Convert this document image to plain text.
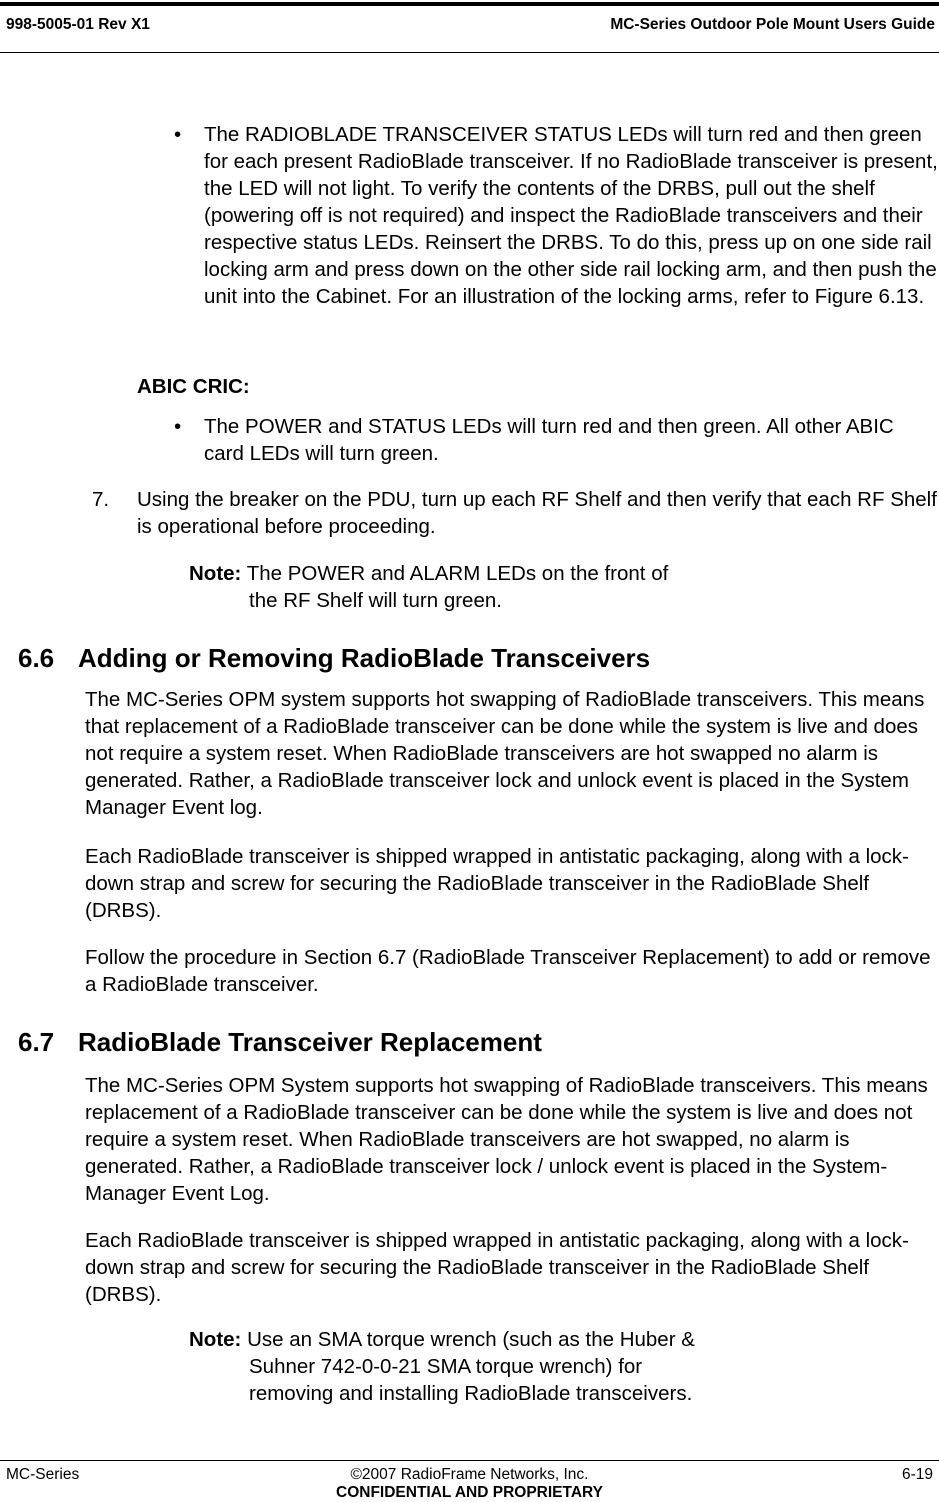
998-5005-01 Rev X1	MC-Series Outdoor Pole Mount Users Guide
• The RADIOBLADE TRANSCEIVER STATUS LEDs will turn red and then green for each present RadioBlade transceiver. If no RadioBlade transceiver is present, the LED will not light. To verify the contents of the DRBS, pull out the shelf (powering off is not required) and inspect the RadioBlade transceivers and their respective status LEDs. Reinsert the DRBS. To do this, press up on one side rail locking arm and press down on the other side rail locking arm, and then push the unit into the Cabinet. For an illustration of the locking arms, refer to Figure 6.13.

ABIC CRIC:
• The POWER and STATUS LEDs will turn red and then green. All other ABIC card LEDs will turn green.

7. Using the breaker on the PDU, turn up each RF Shelf and then verify that each RF Shelf is operational before proceeding.

Note: The POWER and ALARM LEDs on the front of
the RF Shelf will turn green.
6.6 Adding or Removing RadioBlade Transceivers

The MC-Series OPM system supports hot swapping of RadioBlade transceivers. This means that replacement of a RadioBlade transceiver can be done while the system is live and does not require a system reset. When RadioBlade transceivers are hot swapped no alarm is generated. Rather, a RadioBlade transceiver lock and unlock event is placed in the System Manager Event log.

Each RadioBlade transceiver is shipped wrapped in antistatic packaging, along with a lock-down strap and screw for securing the RadioBlade transceiver in the RadioBlade Shelf (DRBS).

Follow the procedure in Section 6.7 (RadioBlade Transceiver Replacement) to add or remove a RadioBlade transceiver.

6.7 RadioBlade Transceiver Replacement

The MC-Series OPM System supports hot swapping of RadioBlade transceivers. This means replacement of a RadioBlade transceiver can be done while the system is live and does not require a system reset. When RadioBlade transceivers are hot swapped, no alarm is generated. Rather, a RadioBlade transceiver lock / unlock event is placed in the System-Manager Event Log.

Each RadioBlade transceiver is shipped wrapped in antistatic packaging, along with a lock-down strap and screw for securing the RadioBlade transceiver in the RadioBlade Shelf (DRBS).

Note: Use an SMA torque wrench (such as the Huber &
Suhner 742-0-0-21 SMA torque wrench) for
removing and installing RadioBlade transceivers.
MC-Series	©2007 RadioFrame Networks, Inc.	6-19
CONFIDENTIAL AND PROPRIETARY
